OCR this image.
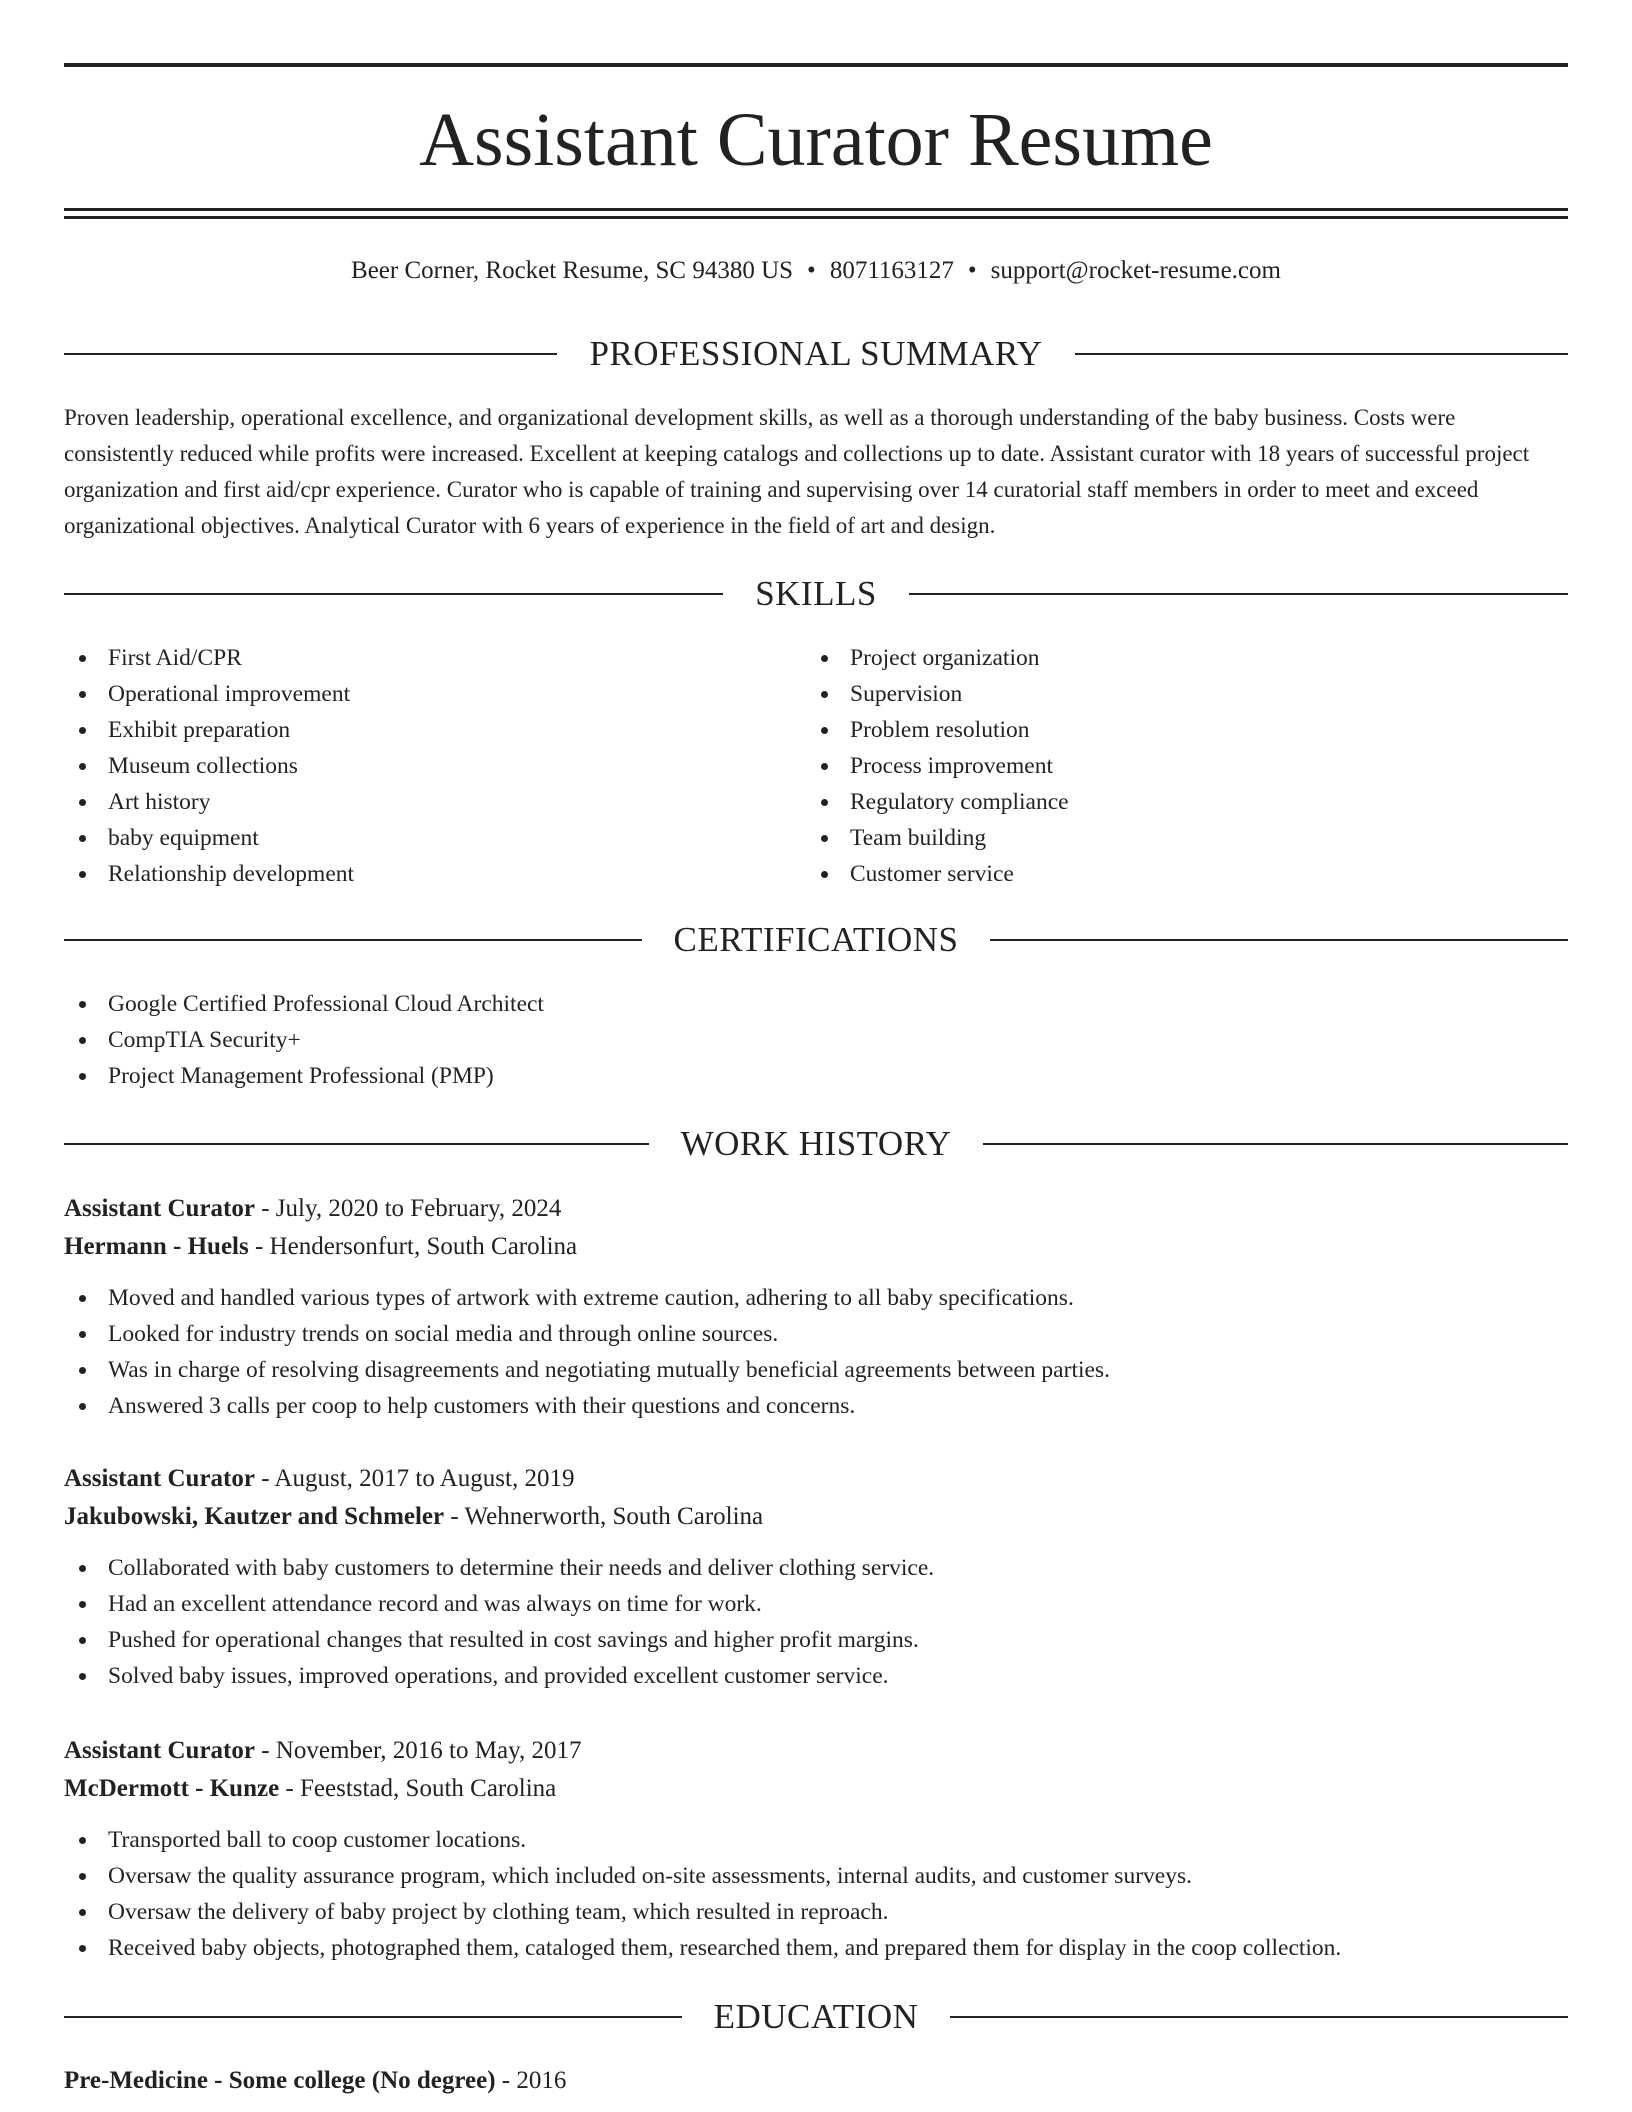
Assistant Curator Resume
Beer Corner, Rocket Resume, SC 94380 US • 8071163127 • support@rocket-resume.com
PROFESSIONAL SUMMARY

Proven leadership, operational excellence, and organizational development skills, as well as a thorough understanding of the baby business. Costs were consistently reduced while profits were increased. Excellent at keeping catalogs and collections up to date. Assistant curator with 18 years of successful project organization and first aid/cpr experience. Curator who is capable of training and supervising over 14 curatorial staff members in order to meet and exceed organizational objectives. Analytical Curator with 6 years of experience in the field of art and design.

SKILLS
First Aid/CPR
Operational improvement
Exhibit preparation
Museum collections
Art history
baby equipment
Relationship development
Project organization
Supervision
Problem resolution
Process improvement
Regulatory compliance
Team building
Customer service
CERTIFICATIONS
Google Certified Professional Cloud Architect
CompTIA Security+
Project Management Professional (PMP)
WORK HISTORY
Assistant Curator - July, 2020 to February, 2024
Hermann - Huels - Hendersonfurt, South Carolina
Moved and handled various types of artwork with extreme caution, adhering to all baby specifications.
Looked for industry trends on social media and through online sources.
Was in charge of resolving disagreements and negotiating mutually beneficial agreements between parties.
Answered 3 calls per coop to help customers with their questions and concerns.
Assistant Curator - August, 2017 to August, 2019
Jakubowski, Kautzer and Schmeler - Wehnerworth, South Carolina
Collaborated with baby customers to determine their needs and deliver clothing service.
Had an excellent attendance record and was always on time for work.
Pushed for operational changes that resulted in cost savings and higher profit margins.
Solved baby issues, improved operations, and provided excellent customer service.
Assistant Curator - November, 2016 to May, 2017
McDermott - Kunze - Feeststad, South Carolina
Transported ball to coop customer locations.
Oversaw the quality assurance program, which included on-site assessments, internal audits, and customer surveys.
Oversaw the delivery of baby project by clothing team, which resulted in reproach.
Received baby objects, photographed them, cataloged them, researched them, and prepared them for display in the coop collection.
EDUCATION
Pre-Medicine - Some college (No degree) - 2016
